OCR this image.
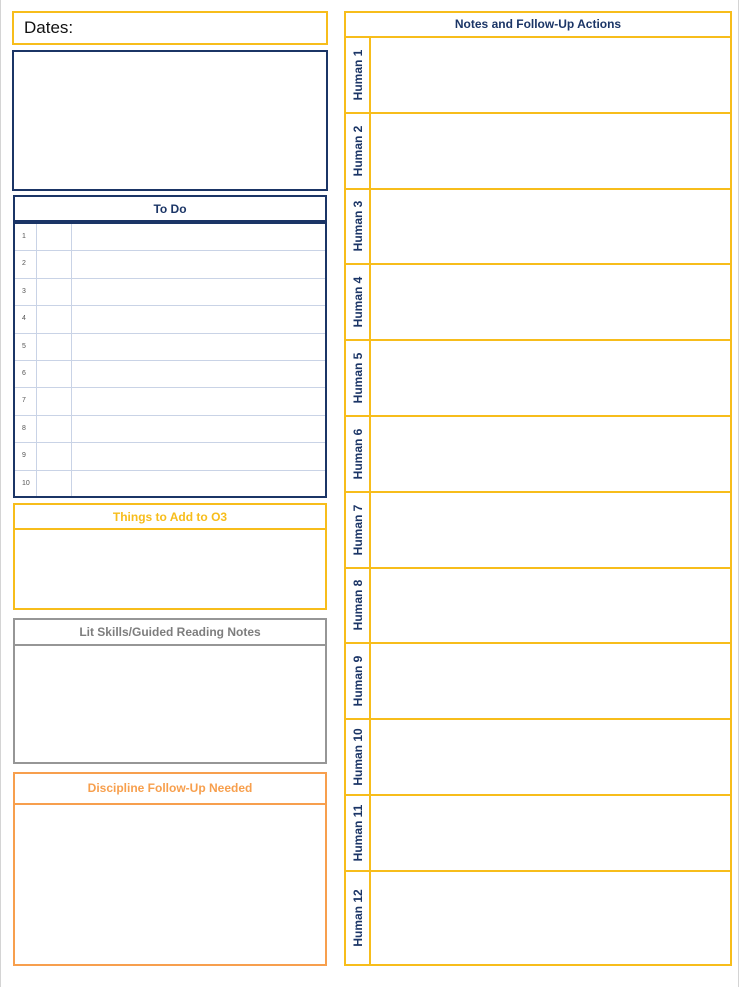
Dates:
To Do
1
2
3
4
5
6
7
8
9
10
Things to Add to O3
Lit Skills/Guided Reading Notes
Discipline Follow-Up Needed
Notes and Follow-Up Actions
Human 1
Human 2
Human 3
Human 4
Human 5
Human 6
Human 7
Human 8
Human 9
Human 10
Human 11
Human 12
